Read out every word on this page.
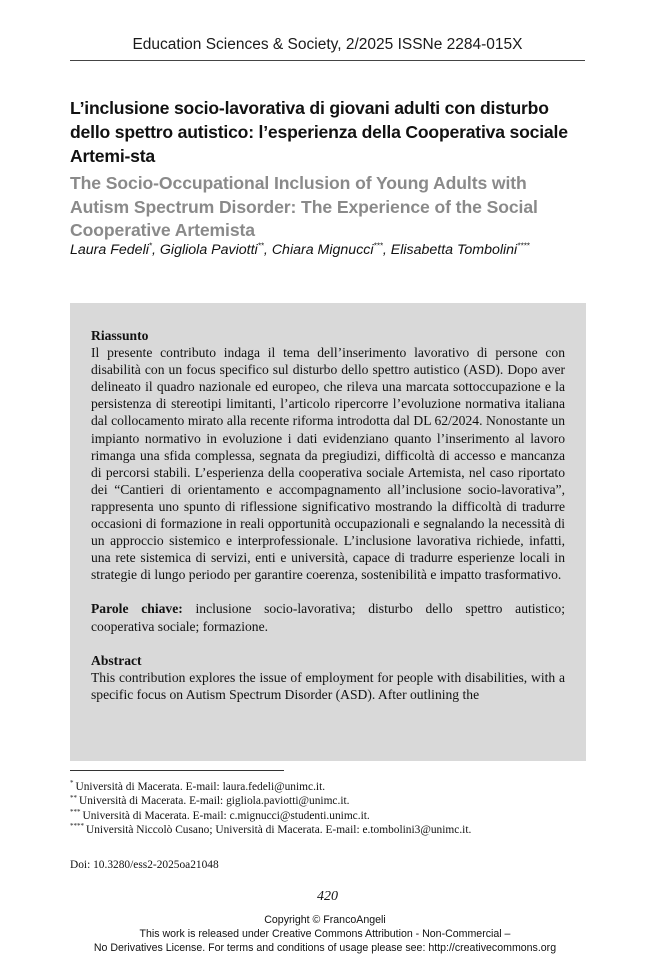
Education Sciences & Society, 2/2025 ISSNe 2284-015X
L’inclusione socio-lavorativa di giovani adulti con disturbo dello spettro autistico: l’esperienza della Cooperativa sociale Artemi-sta
The Socio-Occupational Inclusion of Young Adults with Autism Spectrum Disorder: The Experience of the Social Cooperative Artemista
Laura Fedeli*, Gigliola Paviotti**, Chiara Mignucci***, Elisabetta Tombolini****
Riassunto
Il presente contributo indaga il tema dell’inserimento lavorativo di persone con disabilità con un focus specifico sul disturbo dello spettro autistico (ASD). Dopo aver delineato il quadro nazionale ed europeo, che rileva una marcata sottoccupazione e la persistenza di stereotipi limitanti, l’articolo ripercorre l’evoluzione normativa italiana dal collocamento mirato alla recente riforma introdotta dal DL 62/2024. Nonostante un impianto normativo in evoluzione i dati evidenziano quanto l’inserimento al lavoro rimanga una sfida complessa, segnata da pregiudizi, difficoltà di accesso e mancanza di percorsi stabili. L’esperienza della cooperativa sociale Artemista, nel caso riportato dei “Cantieri di orientamento e accompagnamento all’inclusione socio-lavorativa”, rappresenta uno spunto di riflessione significativo mostrando la difficoltà di tradurre occasioni di formazione in reali opportunità occupazionali e segnalando la necessità di un approccio sistemico e interprofessionale. L’inclusione lavorativa richiede, infatti, una rete sistemica di servizi, enti e università, capace di tradurre esperienze locali in strategie di lungo periodo per garantire coerenza, sostenibilità e impatto trasformativo.
Parole chiave: inclusione socio-lavorativa; disturbo dello spettro autistico; cooperativa sociale; formazione.
Abstract
This contribution explores the issue of employment for people with disabilities, with a specific focus on Autism Spectrum Disorder (ASD). After outlining the
* Università di Macerata. E-mail: laura.fedeli@unimc.it.
** Università di Macerata. E-mail: gigliola.paviotti@unimc.it.
*** Università di Macerata. E-mail: c.mignucci@studenti.unimc.it.
**** Università Niccolò Cusano; Università di Macerata. E-mail: e.tombolini3@unimc.it.
Doi: 10.3280/ess2-2025oa21048
420
Copyright © FrancoAngeli
This work is released under Creative Commons Attribution - Non-Commercial –
No Derivatives License. For terms and conditions of usage please see: http://creativecommons.org
